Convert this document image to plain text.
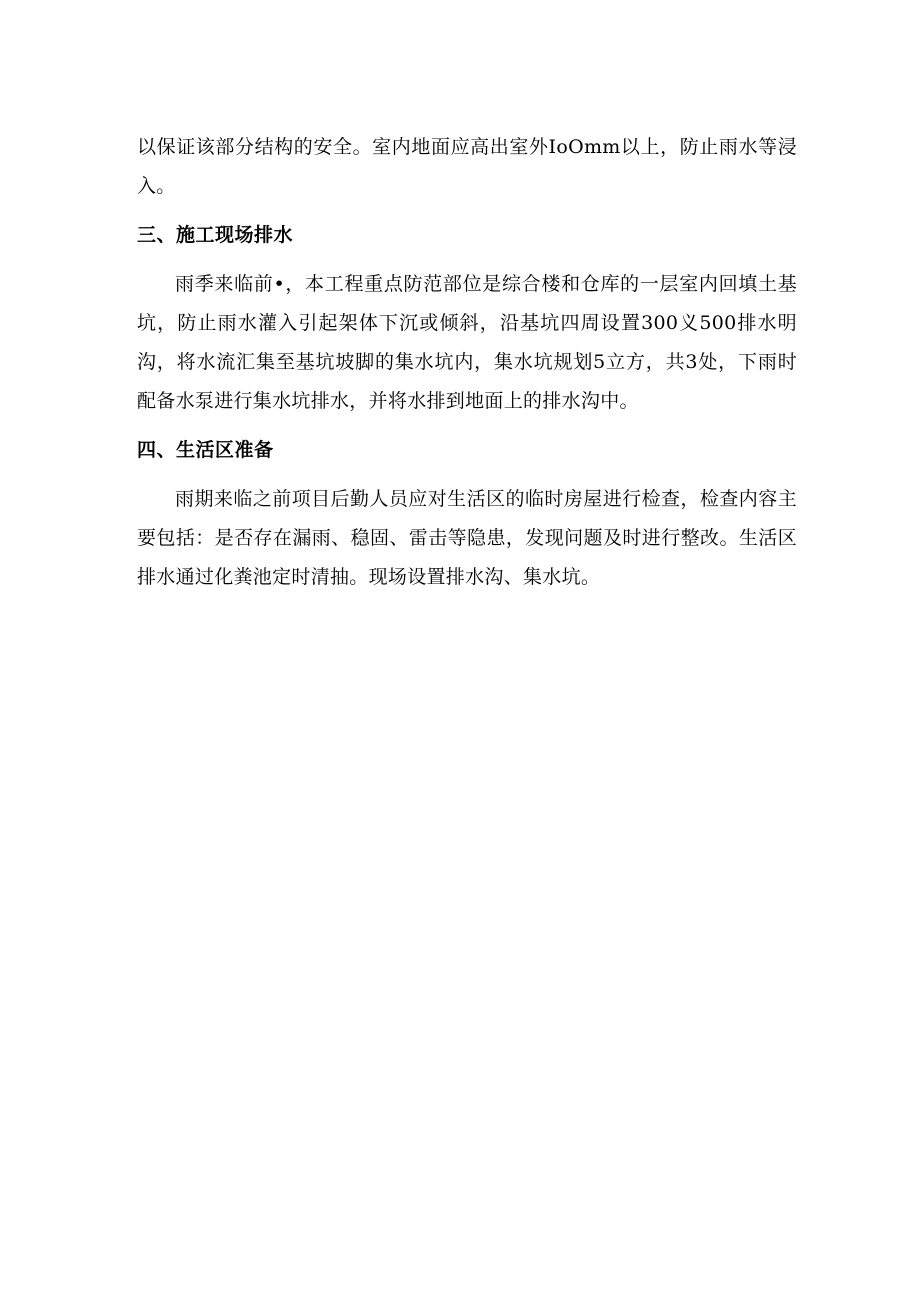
以保证该部分结构的安全。室内地面应高出室外IoOmm以上，防止雨水等浸入。

三、施工现场排水

雨季来临前•，本工程重点防范部位是综合楼和仓库的一层室内回填土基坑，防止雨水灌入引起架体下沉或倾斜，沿基坑四周设置300义500排水明沟，将水流汇集至基坑坡脚的集水坑内，集水坑规划5立方，共3处，下雨时配备水泵进行集水坑排水，并将水排到地面上的排水沟中。

四、生活区准备

雨期来临之前项目后勤人员应对生活区的临时房屋进行检查，检查内容主要包括：是否存在漏雨、稳固、雷击等隐患，发现问题及时进行整改。生活区排水通过化粪池定时清抽。现场设置排水沟、集水坑。
